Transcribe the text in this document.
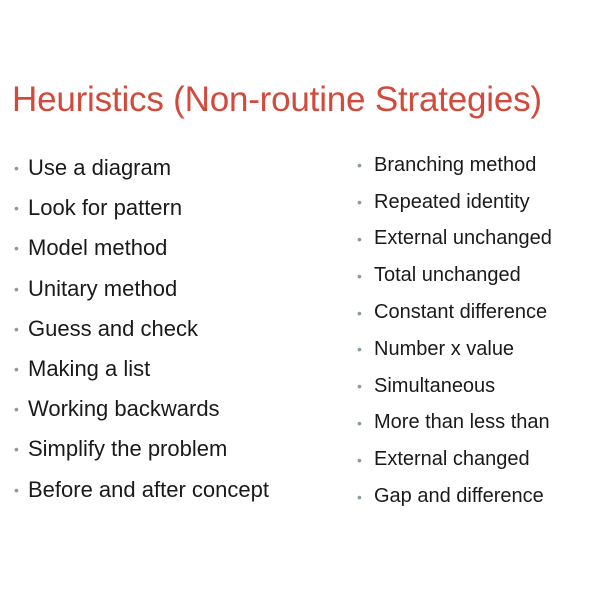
Heuristics (Non-routine Strategies)
• Use a diagram
• Look for pattern
• Model method
• Unitary method
• Guess and check
• Making a list
• Working backwards
• Simplify the problem
• Before and after concept
• Branching method
• Repeated identity
• External unchanged
• Total unchanged
• Constant difference
• Number x value
• Simultaneous
• More than less than
• External changed
• Gap and difference
